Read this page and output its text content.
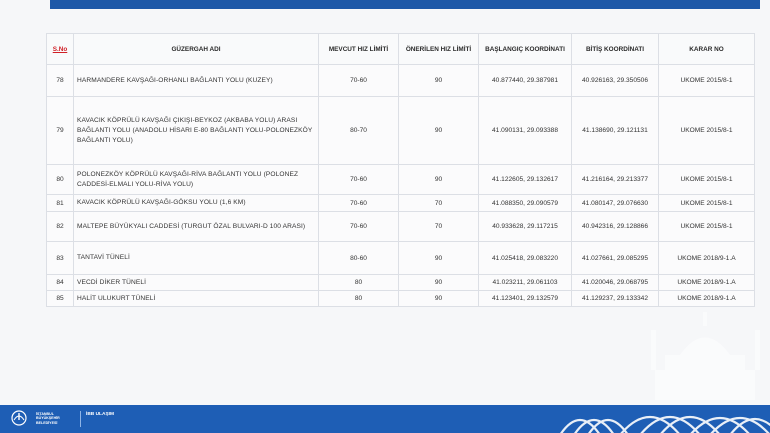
S.No	GÜZERGAH ADI	MEVCUT HIZ LİMİTİ	ÖNERİLEN HIZ LİMİTİ	BAŞLANGIÇ KOORDİNATI	BİTİŞ KOORDİNATI	KARAR NO
78	HARMANDERE KAVŞAĞI-ORHANLI BAĞLANTI YOLU (KUZEY)	70-60	90	40.877440, 29.387981	40.926163, 29.350506	UKOME 2015/8-1
79	KAVACIK KÖPRÜLÜ KAVŞAĞI ÇIKIŞI-BEYKOZ (AKBABA YOLU) ARASI BAĞLANTI YOLU (ANADOLU HİSARI E-80 BAĞLANTI YOLU-POLONEZKÖY BAĞLANTI YOLU)	80-70	90	41.090131, 29.093388	41.138690, 29.121131	UKOME 2015/8-1
80	POLONEZKÖY KÖPRÜLÜ KAVŞAĞI-RİVA BAĞLANTI YOLU (POLONEZ CADDESİ-ELMALI YOLU-RİVA YOLU)	70-60	90	41.122605, 29.132617	41.216164, 29.213377	UKOME 2015/8-1
81	KAVACIK KÖPRÜLÜ KAVŞAĞI-GÖKSU YOLU (1,6 KM)	70-60	70	41.088350, 29.090579	41.080147, 29.076630	UKOME 2015/8-1
82	MALTEPE BÜYÜKYALI CADDESİ (TURGUT ÖZAL BULVARI-D 100 ARASI)	70-60	70	40.933628, 29.117215	40.942316, 29.128866	UKOME 2015/8-1
83	TANTAVİ TÜNELİ	80-60	90	41.025418, 29.083220	41.027661, 29.085295	UKOME 2018/9-1.A
84	VECDİ DİKER TÜNELİ	80	90	41.023211, 29.061103	41.020046, 29.068795	UKOME 2018/9-1.A
85	HALİT ULUKURT TÜNELİ	80	90	41.123401, 29.132579	41.129237, 29.133342	UKOME 2018/9-1.A
İSTANBUL BÜYÜKŞEHİR BELEDİYESİ
İBB ULAŞIM
